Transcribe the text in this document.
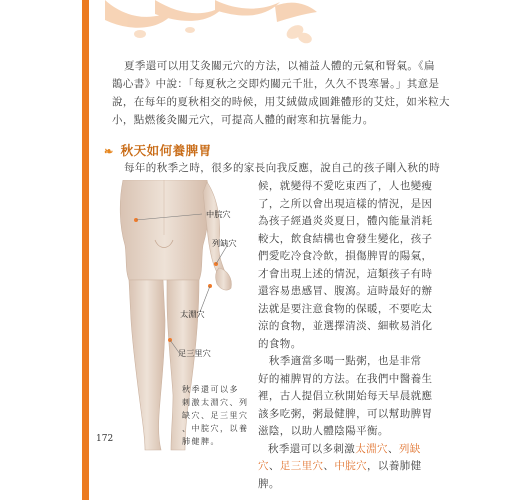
夏季還可以用艾灸關元穴的方法，以補益人體的元氣和腎氣。《扁
鵲心書》中說：「每夏秋之交即灼關元千壯，久久不畏寒暑。」其意是
說，在每年的夏秋相交的時候，用艾絨做成圓錐體形的艾炷，如米粒大
小，點燃後灸關元穴，可提高人體的耐寒和抗暑能力。
❧ 秋天如何養脾胃
每年的秋季之時，很多的家長向我反應，說自己的孩子剛入秋的時
候，就變得不愛吃東西了，人也變瘦
了，之所以會出現這樣的情況，是因
為孩子經過炎炎夏日，體內能量消耗
較大，飲食結構也會發生變化，孩子
們愛吃冷食冷飲，損傷脾胃的陽氣，
才會出現上述的情況，這類孩子有時
還容易患感冒、腹瀉。這時最好的辦
法就是要注意食物的保暖，不要吃太
涼的食物，並選擇清淡、細軟易消化
的食物。
　秋季適當多喝一點粥，也是非常
好的補脾胃的方法。在我們中醫養生
裡，古人提倡立秋開始每天早晨就應
該多吃粥，粥最健脾，可以幫助脾胃
滋陰，以助人體陰陽平衡。
秋季還可以多刺激太淵穴、列缺
穴、足三里穴、中脘穴，以養肺健
脾。
中脘穴
列缺穴
太淵穴
足三里穴
秋季還可以多
刺激太淵穴、列
缺穴、足三里穴
、中脘穴，以養
肺健脾。
172
